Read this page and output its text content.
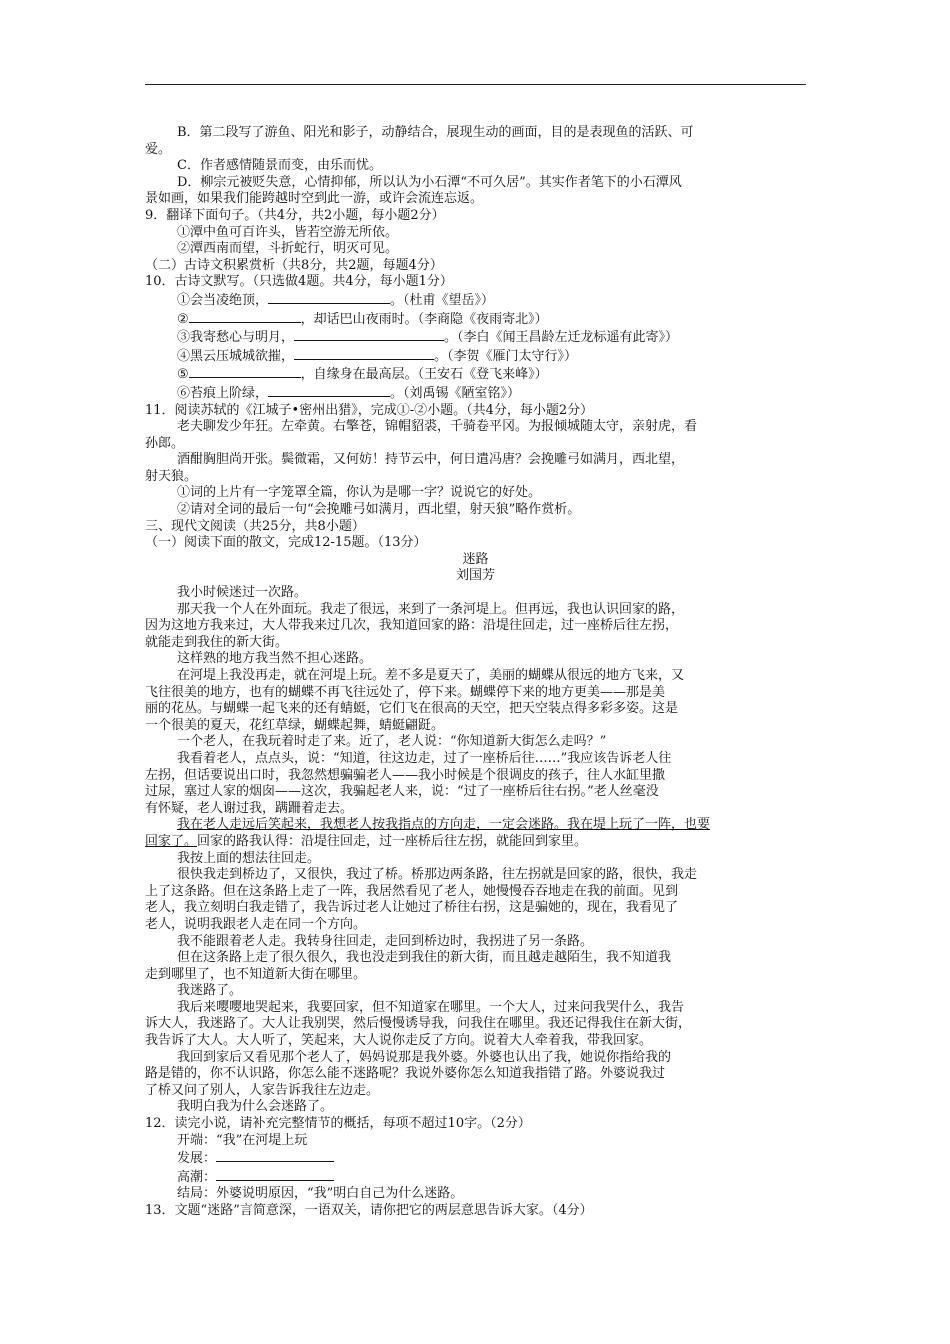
B．第二段写了游鱼、阳光和影子，动静结合，展现生动的画面，目的是表现鱼的活跃、可
爱。
C．作者感情随景而变，由乐而忧。
D．柳宗元被贬失意，心情抑郁，所以认为小石潭“不可久居”。其实作者笔下的小石潭风
景如画，如果我们能跨越时空到此一游，或许会流连忘返。
9．翻译下面句子。（共4分，共2小题，每小题2分）
①潭中鱼可百许头，皆若空游无所依。
②潭西南而望，斗折蛇行，明灭可见。
（二）古诗文积累赏析（共8分，共2题，每题4分）
10．古诗文默写。（只选做4题。共4分，每小题1分）
①会当凌绝顶，	。（杜甫《望岳》）
②	，却话巴山夜雨时。（李商隐《夜雨寄北》）
③我寄愁心与明月，	。（李白《闻王昌龄左迁龙标遥有此寄》）
④黑云压城城欲摧，	。（李贺《雁门太守行》）
⑤	，自缘身在最高层。（王安石《登飞来峰》）
⑥苔痕上阶绿，	。（刘禹锡《陋室铭》）
11．阅读苏轼的《江城子•密州出猎》，完成①-②小题。（共4分，每小题2分）
老夫聊发少年狂。左牵黄。右擎苍，锦帽貂裘，千骑卷平冈。为报倾城随太守，亲射虎，看
孙郎。
酒酣胸胆尚开张。鬓微霜，又何妨！持节云中，何日遣冯唐？会挽雕弓如满月，西北望，
射天狼。
①词的上片有一字笼罩全篇，你认为是哪一字？说说它的好处。
②请对全词的最后一句“会挽雕弓如满月，西北望，射天狼”略作赏析。
三、现代文阅读（共25分，共8小题）
（一）阅读下面的散文，完成12-15题。（13分）
迷路
刘国芳
我小时候迷过一次路。
那天我一个人在外面玩。我走了很远，来到了一条河堤上。但再远，我也认识回家的路，
因为这地方我来过，大人带我来过几次，我知道回家的路：沿堤往回走，过一座桥后往左拐，
就能走到我住的新大街。
这样熟的地方我当然不担心迷路。
在河堤上我没再走，就在河堤上玩。差不多是夏天了，美丽的蝴蝶从很远的地方飞来，又
飞往很美的地方，也有的蝴蝶不再飞往远处了，停下来。蝴蝶停下来的地方更美——那是美
丽的花丛。与蝴蝶一起飞来的还有蜻蜓，它们飞在很高的天空，把天空装点得多彩多姿。这是
一个很美的夏天，花红草绿，蝴蝶起舞，蜻蜓翩跹。
一个老人，在我玩着时走了来。近了，老人说：“你知道新大街怎么走吗？”
我看着老人，点点头，说：“知道，往这边走，过了一座桥后往……”我应该告诉老人往
左拐，但话要说出口时，我忽然想骗骗老人——我小时候是个很调皮的孩子，往人水缸里撒
过尿，塞过人家的烟囱——这次，我骗起老人来，说：“过了一座桥后往右拐。”老人丝毫没
有怀疑，老人谢过我，蹒跚着走去。
我在老人走远后笑起来，我想老人按我指点的方向走，一定会迷路。我在堤上玩了一阵，也要
回家了。回家的路我认得：沿堤往回走，过一座桥后往左拐，就能回到家里。
我按上面的想法往回走。
很快我走到桥边了，又很快，我过了桥。桥那边两条路，往左拐就是回家的路，很快，我走
上了这条路。但在这条路上走了一阵，我居然看见了老人，她慢慢吞吞地走在我的前面。见到
老人，我立刻明白我走错了，我告诉过老人让她过了桥往右拐，这是骗她的，现在，我看见了
老人，说明我跟老人走在同一个方向。
我不能跟着老人走。我转身往回走，走回到桥边时，我拐进了另一条路。
但在这条路上走了很久很久，我也没走到我住的新大街，而且越走越陌生，我不知道我
走到哪里了，也不知道新大街在哪里。
我迷路了。
我后来嘤嘤地哭起来，我要回家，但不知道家在哪里。一个大人，过来问我哭什么，我告
诉大人，我迷路了。大人让我别哭，然后慢慢诱导我，问我住在哪里。我还记得我住在新大街，
我告诉了大人。大人听了，笑起来，大人说你走反了方向。说着大人牵着我，带我回家。
我回到家后又看见那个老人了，妈妈说那是我外婆。外婆也认出了我，她说你指给我的
路是错的，你不认识路，你怎么能不迷路呢？我说外婆你怎么知道我指错了路。外婆说我过
了桥又问了别人，人家告诉我往左边走。
我明白我为什么会迷路了。
12．读完小说，请补充完整情节的概括，每项不超过10字。（2分）
开端：“我”在河堤上玩
发展：
高潮：
结局：外婆说明原因，“我”明白自己为什么迷路。
13．文题“迷路”言简意深，一语双关，请你把它的两层意思告诉大家。（4分）
